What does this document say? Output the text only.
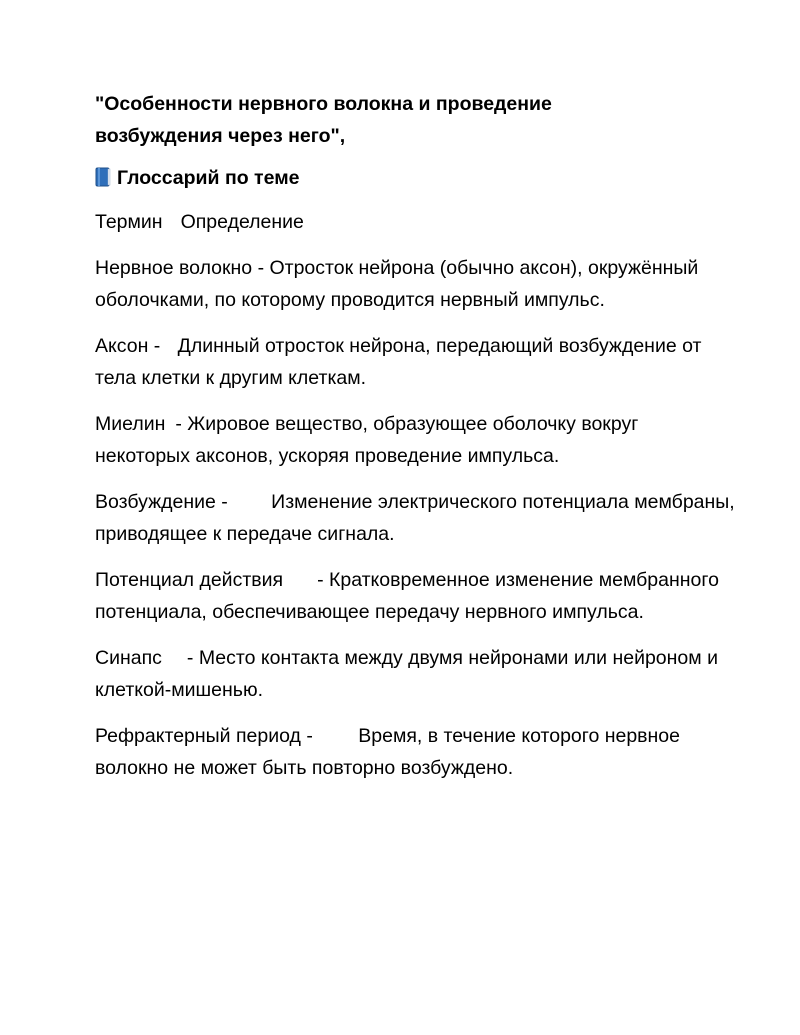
"Особенности нервного волокна и проведение
возбуждения через него",
Глоссарий по теме
Термин Определение
Нервное волокно - Отросток нейрона (обычно аксон), окружённый оболочками, по которому проводится нервный импульс.
Аксон - Длинный отросток нейрона, передающий возбуждение от тела клетки к другим клеткам.
Миелин - Жировое вещество, образующее оболочку вокруг некоторых аксонов, ускоряя проведение импульса.
Возбуждение - Изменение электрического потенциала мембраны, приводящее к передаче сигнала.
Потенциал действия - Кратковременное изменение мембранного потенциала, обеспечивающее передачу нервного импульса.
Синапс - Место контакта между двумя нейронами или нейроном и клеткой-мишенью.
Рефрактерный период - Время, в течение которого нервное волокно не может быть повторно возбуждено.
